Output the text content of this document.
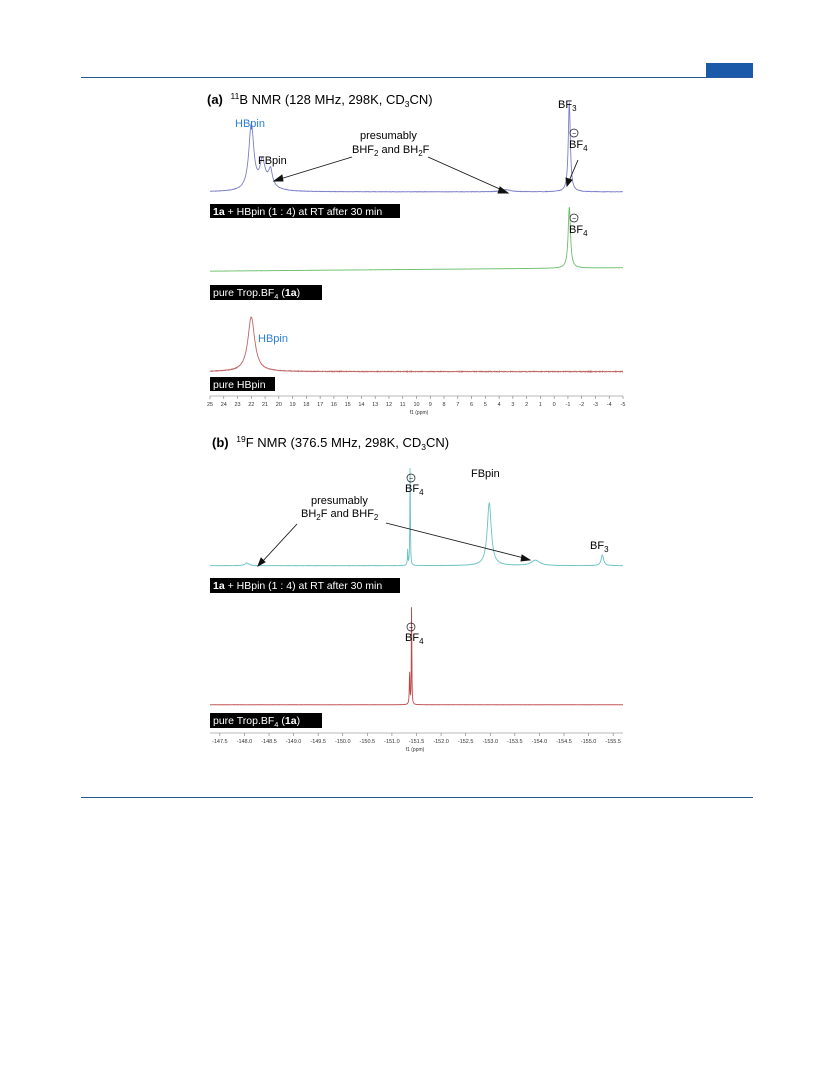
(a) $^{11}$B NMR (128 MHz, 298K, $CD_3CN$)
HBpin
FBpin
presumably
$BHF_2$ and $BH_2F$
$BF_3$
−
$BF_4$
1a + HBpin (1 : 4) at RT after 30 min
−
$BF_4$
pure $Trop.BF_4$ (1a)
HBpin
pure HBpin
25 24 23 22 21 20 19 18 17 16 15 14 13 12 11 10 9 8 7 6 5 4 3 2 1 0 -1 -2 -3 -4 -5
f1 (ppm)
(b) $^{19}$F NMR (376.5 MHz, 298K, $CD_3CN$)
−
$BF_4$
FBpin
presumably
$BH_2F$ and $BHF_2$
$BF_3$
1a + HBpin (1 : 4) at RT after 30 min
−
$BF_4$
pure $Trop.BF_4$ (1a)
-147.5 -148.0 -148.5 -149.0 -149.5 -150.0 -150.5 -151.0 -151.5 -152.0 -152.5 -153.0 -153.5 -154.0 -154.5 -155.0 -155.5
f1 (ppm)
